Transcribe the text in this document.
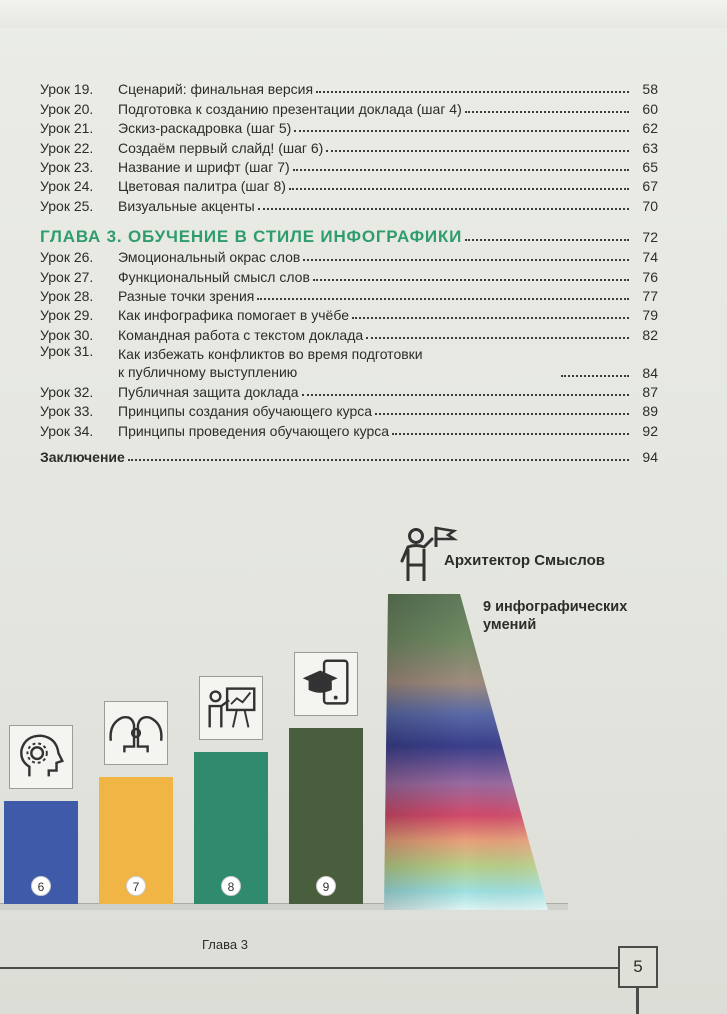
Урок 19.	Сценарий: финальная версия	58
Урок 20.	Подготовка к созданию презентации доклада (шаг 4)	60
Урок 21.	Эскиз-раскадровка (шаг 5)	62
Урок 22.	Создаём первый слайд! (шаг 6)	63
Урок 23.	Название и шрифт (шаг 7)	65
Урок 24.	Цветовая палитра (шаг 8)	67
Урок 25.	Визуальные акценты	70
ГЛАВА 3. ОБУЧЕНИЕ В СТИЛЕ ИНФОГРАФИКИ	72
Урок 26.	Эмоциональный окрас слов	74
Урок 27.	Функциональный смысл слов	76
Урок 28.	Разные точки зрения	77
Урок 29.	Как инфографика помогает в учёбе	79
Урок 30.	Командная работа с текстом доклада	82
Урок 31.	Как избежать конфликтов во время подготовки
к публичному выступлению	84
Урок 32.	Публичная защита доклада	87
Урок 33.	Принципы создания обучающего курса	89
Урок 34.	Принципы проведения обучающего курса	92
Заключение	94
6	7	8	9
Архитектор Смыслов
9 инфографических умений
Глава 3
5
